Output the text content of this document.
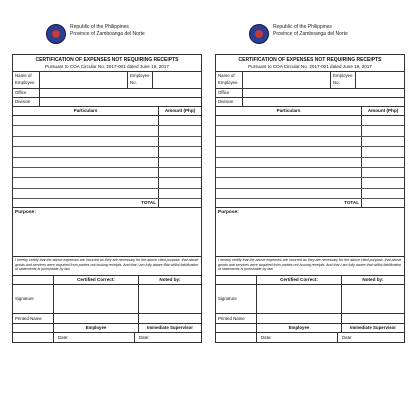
Republic of the Philippines
Province of Zamboanga del Norte
CERTIFICATION OF EXPENSES NOT REQUIRING RECEIPTS
Pursuant to COA Circular No. 2017-001 dated June 19, 2017
Name of Employee
Employee No.
Office
Division
Particulars	Amount (Php)
TOTAL
Purpose:
I hereby certify that the above expenses are incurred as they are necessary for the above cited purpose, that above goods and services were acquired from parties not issuing receipts. And that I am fully aware that willful falsification of statements is punishable by law.
Certified Correct:	Noted by:
Signature
Printed Name
Employee	Immediate Supervisor
Date:	Date:
Republic of the Philippines
Province of Zamboanga del Norte
CERTIFICATION OF EXPENSES NOT REQUIRING RECEIPTS
Pursuant to COA Circular No. 2017-001 dated June 19, 2017
Name of Employee
Employee No.
Office
Division
Particulars	Amount (Php)
TOTAL
Purpose:
I hereby certify that the above expenses are incurred as they are necessary for the above cited purpose, that above goods and services were acquired from parties not issuing receipts. And that I am fully aware that willful falsification of statements is punishable by law.
Certified Correct:	Noted by:
Signature
Printed Name
Employee	Immediate Supervisor
Date:	Date:
